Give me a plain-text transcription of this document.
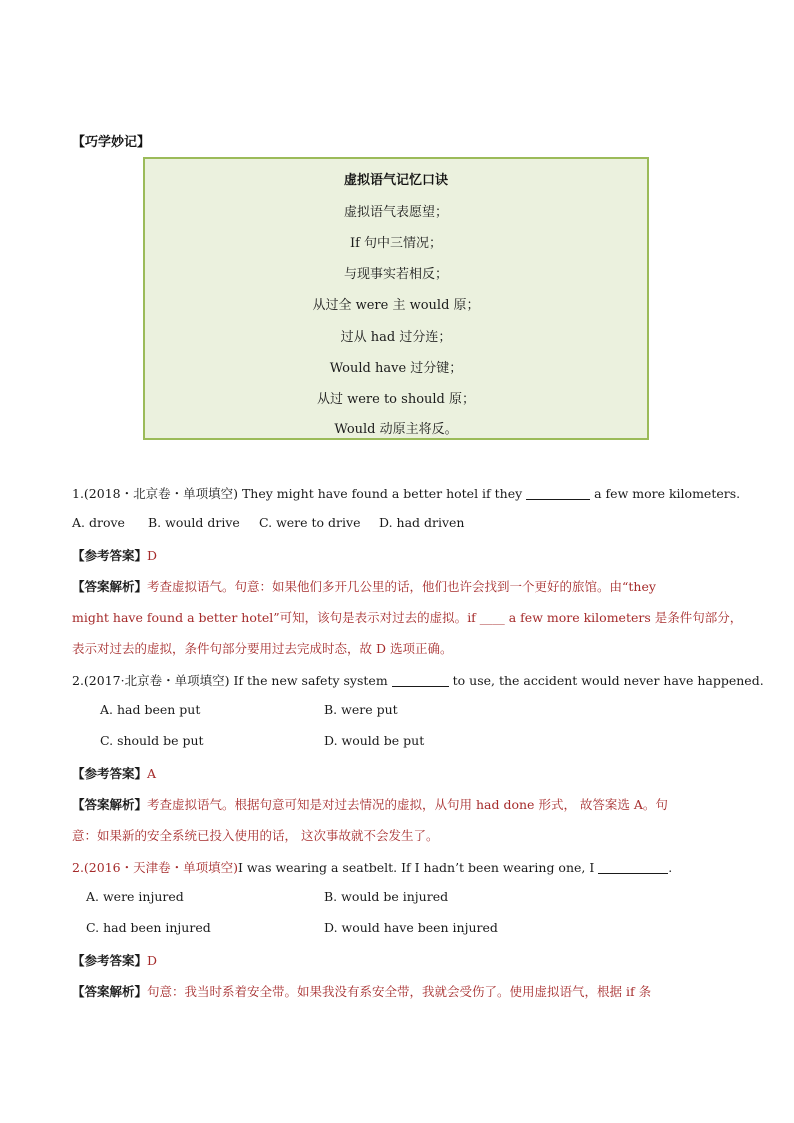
【巧学妙记】
虚拟语气记忆口诀
虚拟语气表愿望；
If 句中三情况；
与现事实若相反；
从过全 were 主 would 原；
过从 had 过分连；
Would have 过分键；
从过 were to should 原；
Would 动原主将反。
1.(2018・北京卷・单项填空) They might have found a better hotel if they	a few more kilometers.
A. drove B. would drive C. were to drive D. had driven
【参考答案】D
【答案解析】考查虚拟语气。句意：如果他们多开几公里的话，他们也许会找到一个更好的旅馆。由“they
might have found a better hotel”可知，该句是表示对过去的虚拟。if ____ a few more kilometers 是条件句部分，
表示对过去的虚拟，条件句部分要用过去完成时态，故 D 选项正确。
2.(2017·北京卷・单项填空) If the new safety system	to use, the accident would never have happened.
A. had been put	B. were put
C. should be put	D. would be put
【参考答案】A
【答案解析】考查虚拟语气。根据句意可知是对过去情况的虚拟，从句用 had done 形式， 故答案选 A。句
意：如果新的安全系统已投入使用的话， 这次事故就不会发生了。
2.(2016・天津卷・单项填空)I was wearing a seatbelt. If I hadn’t been wearing one, I	.
A. were injured	B. would be injured
C. had been injured	D. would have been injured
【参考答案】D
【答案解析】句意：我当时系着安全带。如果我没有系安全带，我就会受伤了。使用虚拟语气，根据 if 条
